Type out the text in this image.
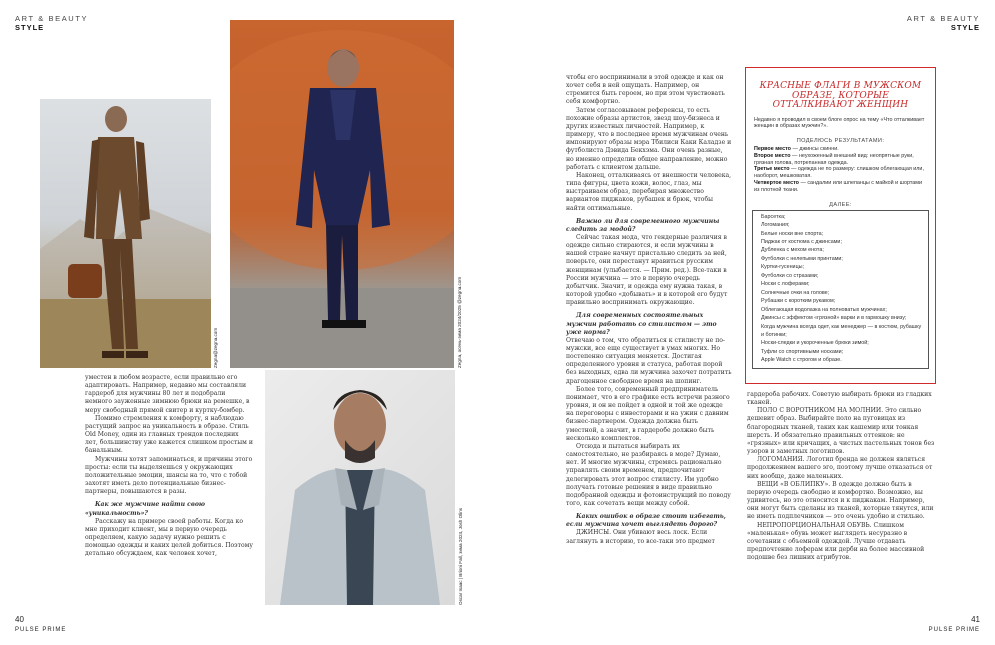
ART & BEAUTY
STYLE
Zegna@zegna.com	Zegna, осень-зима 2024/2025 @zegna.com
Oscar Isaac | Brioni Fall, зима 2024, Josh Olins

уместен в любом возрасте, если правильно его адаптировать. Например, недавно мы составляли гардероб для мужчины 80 лет и подобрали немного зауженные зимнюю брюки на ремешке, в меру свободный прямой свитер и куртку-бомбер.

Помимо стремления к комфорту, я наблюдаю растущий запрос на уникальность в образе. Стиль Old Money, один из главных трендов последних лет, большинству уже кажется слишком простым и банальным.

Мужчины хотят запоминаться, и причины этого просты: если ты выделяешься у окружающих положительные эмоции, шансы на то, что с тобой захотят иметь дело потенциальные бизнес-партнеры, повышаются в разы.

Как же мужчине найти свою «уникальность»?

Расскажу на примере своей работы. Когда ко мне приходит клиент, мы в первую очередь определяем, какую задачу нужно решить с помощью одежды и каких целей добиться. Поэтому детально обсуждаем, как человек хочет,

40
PULSE PRIME

чтобы его воспринимали в этой одежде и как он хочет себя в ней ощущать. Например, он стремится быть героем, но при этом чувствовать себя комфортно.

Затем согласовываем референсы, то есть похожие образы артистов, звезд шоу-бизнеса и других известных личностей. Например, к примеру, что в последнее время мужчинам очень импонируют образы мэра Тбилиси Каки Каладзе и футболиста Дэвида Бекхэма. Они очень разные, но именно определив общее направление, можно работать с клиентом дальше.

Наконец, отталкиваясь от внешности человека, типа фигуры, цвета кожи, волос, глаз, мы выстраиваем образ, перебирая множество вариантов пиджаков, рубашек и брюк, чтобы найти оптимальные.

Важно ли для современного мужчины следить за модой?

Сейчас такая мода, что гендерные различия в одежде сильно стираются, и если мужчины в нашей стране начнут пристально следить за ней, поверьте, они перестанут нравиться русским женщинам (улыбается. — Прим. ред.). Все-таки в России мужчина — это в первую очередь добытчик. Значит, и одежда ему нужна такая, в которой удобно «добывать» и в которой его будут правильно воспринимать окружающие.

Для современных состоятельных мужчин работать со стилистом — это уже норма?

Отвечаю о том, что обратиться к стилисту не по-мужски, все еще существует в умах многих. Но постепенно ситуация меняется. Достигая определенного уровня и статуса, работая порой без выходных, едва ли мужчина захочет потратить драгоценное свободное время на шопинг.

Более того, современный предприниматель понимает, что в его графике есть встречи разного уровня, и он не пойдет в одной и той же одежде на переговоры с инвесторами и на ужин с давним бизнес-партнером. Одежда должна быть уместной, а значит, в гардеробе должно быть несколько комплектов.

Отсюда и пытаться выбирать их самостоятельно, не разбираясь в моде? Думаю, нет. И многие мужчины, стремясь рационально управлять своим временем, предпочитают делегировать этот вопрос стилисту. Им удобно получать готовые решения в виде правильно подобранной одежды и фотоинструкций по поводу того, как сочетать вещи между собой.

Каких ошибок в образе стоит избегать, если мужчина хочет выглядеть дорого?

ДЖИНСЫ. Они убивают весь лоск. Если заглянуть в историю, то все-таки это предмет

ART & BEAUTY
STYLE
КРАСНЫЕ ФЛАГИ В МУЖСКОМ ОБРАЗЕ, КОТОРЫЕ ОТТАЛКИВАЮТ ЖЕНЩИН
Недавно я проводил в своем блоге опрос на тему «Что отталкивает женщин в образах мужчин?».
ПОДЕЛЮСЬ РЕЗУЛЬТАТАМИ:
Первое место — джинсы скинни.
Второе место — неухоженный внешний вид: неопрятные руки, грязная голова, потрепанная одежда.
Третье место — одежда не по размеру: слишком облегающая или, наоборот, мешковатая.
Четвертое место — сандалии или шлепанцы с майкой и шортами из плотной ткани.
ДАЛЕЕ:
Барсетка;
Логомания;
Белые носки вне спорта;
Пиджак от костюма с джинсами;
Дубленка с мехом енота;
Футболки с нелепыми принтами;
Куртки-гусеницы;
Футболки со стразами;
Носки с лоферами;
Солнечные очки на голове;
Рубашки с коротким рукавом;
Облегающая водолазка на полноватых мужчинах;
Джинсы с эффектом «грязной» варки и в гармошку внизу;
Когда мужчина всегда одет, как менеджер — в костюм, рубашку и ботинки;
Носки-следки и укороченные брюки зимой;
Туфли со спортивными носками;
Apple Watch с строгом и образе.

гардероба рабочих. Советую выбирать брюки из гладких тканей.

ПОЛО С ВОРОТНИКОМ НА МОЛНИИ. Это сильно дешевит образ. Выбирайте поло на пуговицах из благородных тканей, таких как кашемир или тонкая шерсть. И обязательно правильных оттенков: не «грязных» или кричащих, а чистых пастельных тонов без узоров и заметных логотипов.

ЛОГОМАНИЯ. Логотип бренда не должен являться продолжением вашего эго, поэтому лучше отказаться от них вообще, даже маленьких.

ВЕЩИ «В ОБЛИПКУ». В одежде должно быть в первую очередь свободно и комфортно. Возможно, вы удивитесь, но это относится и к пиджакам. Например, они могут быть сделаны из тканей, которые тянутся, или не иметь подплечников — это очень удобно и стильно.

НЕПРОПОРЦИОНАЛЬНАЯ ОБУВЬ. Слишком «маленькая» обувь может выглядеть несуразно в сочетании с объемной одеждой. Лучше отдавать предпочтение лоферам или дерби на более массивной подошве без лишних атрибутов.

41
PULSE PRIME
